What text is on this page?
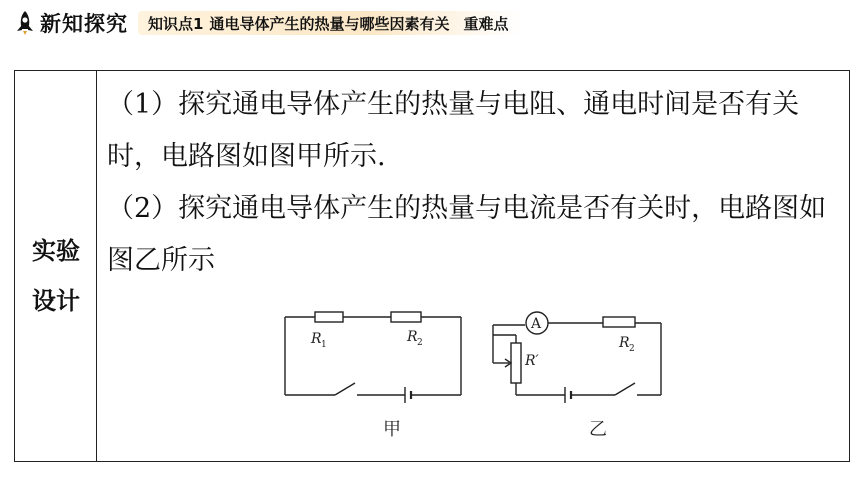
新知探究 知识点1 通电导体产生的热量与哪些因素有关 重难点
实验
设计

（1）探究通电导体产生的热量与电阻、通电时间是否有关时，电路图如图甲所示.

（2）探究通电导体产生的热量与电流是否有关时，电路图如图乙所示

R 1	R 2
甲
A
R′
R 2
乙
